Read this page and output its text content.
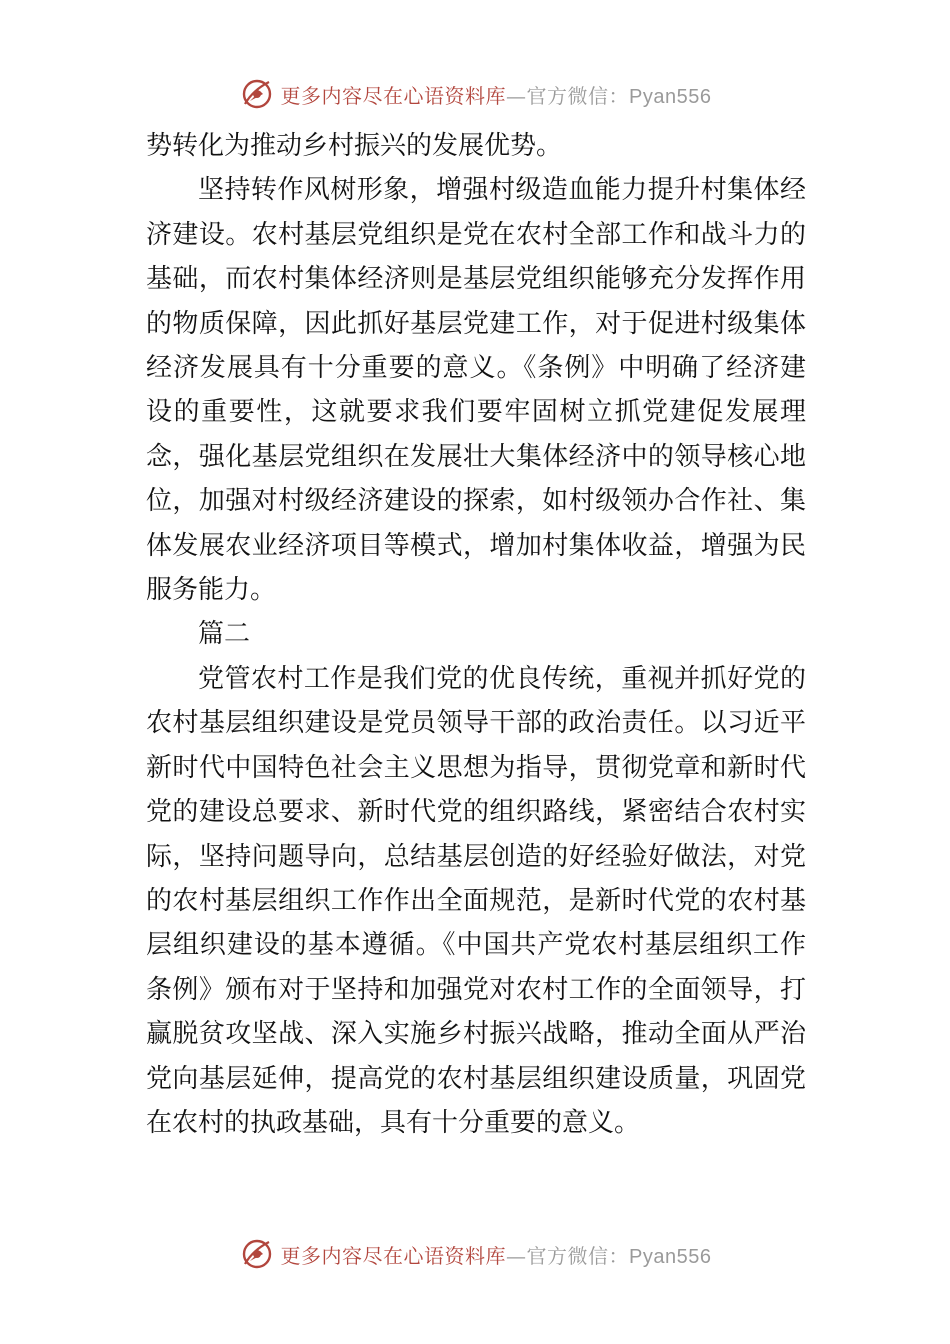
更多内容尽在心语资料库—官方微信：Pyan556

势转化为推动乡村振兴的发展优势。

坚持转作风树形象，增强村级造血能力提升村集体经济建设。农村基层党组织是党在农村全部工作和战斗力的基础，而农村集体经济则是基层党组织能够充分发挥作用的物质保障，因此抓好基层党建工作，对于促进村级集体经济发展具有十分重要的意义。《条例》中明确了经济建设的重要性，这就要求我们要牢固树立抓党建促发展理念，强化基层党组织在发展壮大集体经济中的领导核心地位，加强对村级经济建设的探索，如村级领办合作社、集体发展农业经济项目等模式，增加村集体收益，增强为民服务能力。

篇二

党管农村工作是我们党的优良传统，重视并抓好党的农村基层组织建设是党员领导干部的政治责任。以习近平新时代中国特色社会主义思想为指导，贯彻党章和新时代党的建设总要求、新时代党的组织路线，紧密结合农村实际，坚持问题导向，总结基层创造的好经验好做法，对党的农村基层组织工作作出全面规范，是新时代党的农村基层组织建设的基本遵循。《中国共产党农村基层组织工作条例》颁布对于坚持和加强党对农村工作的全面领导，打赢脱贫攻坚战、深入实施乡村振兴战略，推动全面从严治党向基层延伸，提高党的农村基层组织建设质量，巩固党在农村的执政基础，具有十分重要的意义。

更多内容尽在心语资料库—官方微信：Pyan556
